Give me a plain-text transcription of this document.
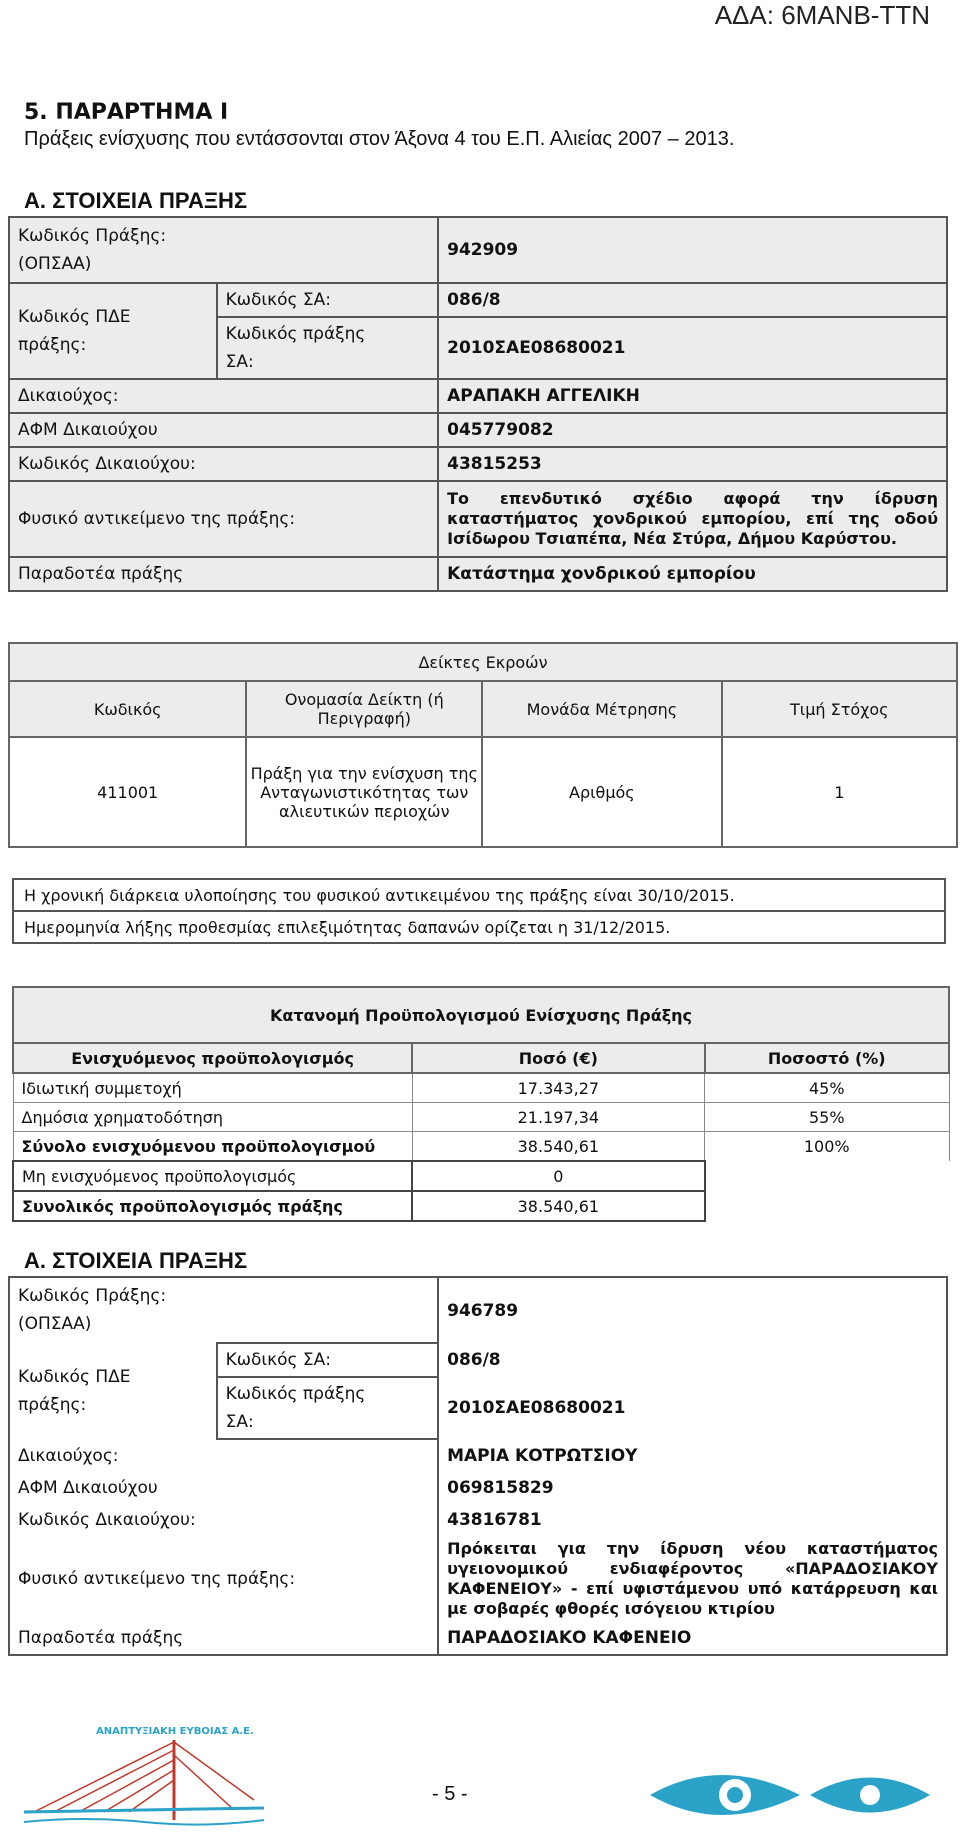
ΑΔΑ: 6ΜΑΝΒ-ΤΤΝ
5. ΠΑΡΑΡΤΗΜΑ Ι
Πράξεις ενίσχυσης που εντάσσονται στον Άξονα 4 του Ε.Π. Αλιείας 2007 – 2013.
Α. ΣΤΟΙΧΕΙΑ ΠΡΑΞΗΣ
Κωδικός Πράξης:
(ΟΠΣΑΑ)		942909
Κωδικός ΠΔΕ
πράξης:	Κωδικός ΣΑ:	086/8
	Κωδικός πράξης
ΣΑ:	2010ΣΑΕ08680021
Δικαιούχος:		ΑΡΑΠΑΚΗ ΑΓΓΕΛΙΚΗ
ΑΦΜ Δικαιούχου		045779082
Κωδικός Δικαιούχου:		43815253
Φυσικό αντικείμενο της πράξης:		Το επενδυτικό σχέδιο αφορά την ίδρυση καταστήματος χονδρικού εμπορίου, επί της οδού Ισίδωρου Τσιαπέπα, Νέα Στύρα, Δήμου Καρύστου.
Παραδοτέα πράξης		Κατάστημα χονδρικού εμπορίου
Δείκτες Εκροών			
Κωδικός	Ονομασία Δείκτη (ή Περιγραφή)	Μονάδα Μέτρησης	Τιμή Στόχος
411001	Πράξη για την ενίσχυση της Ανταγωνιστικότητας των αλιευτικών περιοχών	Αριθμός	1
Η χρονική διάρκεια υλοποίησης του φυσικού αντικειμένου της πράξης είναι 30/10/2015.
Ημερομηνία λήξης προθεσμίας επιλεξιμότητας δαπανών ορίζεται η 31/12/2015.
Κατανομή Προϋπολογισμού Ενίσχυσης Πράξης		
Ενισχυόμενος προϋπολογισμός	Ποσό (€)	Ποσοστό (%)
Ιδιωτική συμμετοχή	17.343,27	45%
Δημόσια χρηματοδότηση	21.197,34	55%
Σύνολο ενισχυόμενου προϋπολογισμού	38.540,61	100%
Μη ενισχυόμενος προϋπολογισμός	0	
Συνολικός προϋπολογισμός πράξης	38.540,61	
Α. ΣΤΟΙΧΕΙΑ ΠΡΑΞΗΣ
Κωδικός Πράξης:
(ΟΠΣΑΑ)		946789
Κωδικός ΠΔΕ
πράξης:	Κωδικός ΣΑ:	086/8
	Κωδικός πράξης
ΣΑ:	2010ΣΑΕ08680021
Δικαιούχος:		ΜΑΡΙΑ ΚΟΤΡΩΤΣΙΟΥ
ΑΦΜ Δικαιούχου		069815829
Κωδικός Δικαιούχου:		43816781
Φυσικό αντικείμενο της πράξης:		Πρόκειται για την ίδρυση νέου καταστήματος υγειονομικού ενδιαφέροντος «ΠΑΡΑΔΟΣΙΑΚΟΥ ΚΑΦΕΝΕΙΟΥ» - επί υφιστάμενου υπό κατάρρευση και με σοβαρές φθορές ισόγειου κτιρίου
Παραδοτέα πράξης		ΠΑΡΑΔΟΣΙΑΚΟ ΚΑΦΕΝΕΙΟ
ΑΝΑΠΤΥΞΙΑΚΗ ΕΥΒΟΙΑΣ Α.Ε.
- 5 -
